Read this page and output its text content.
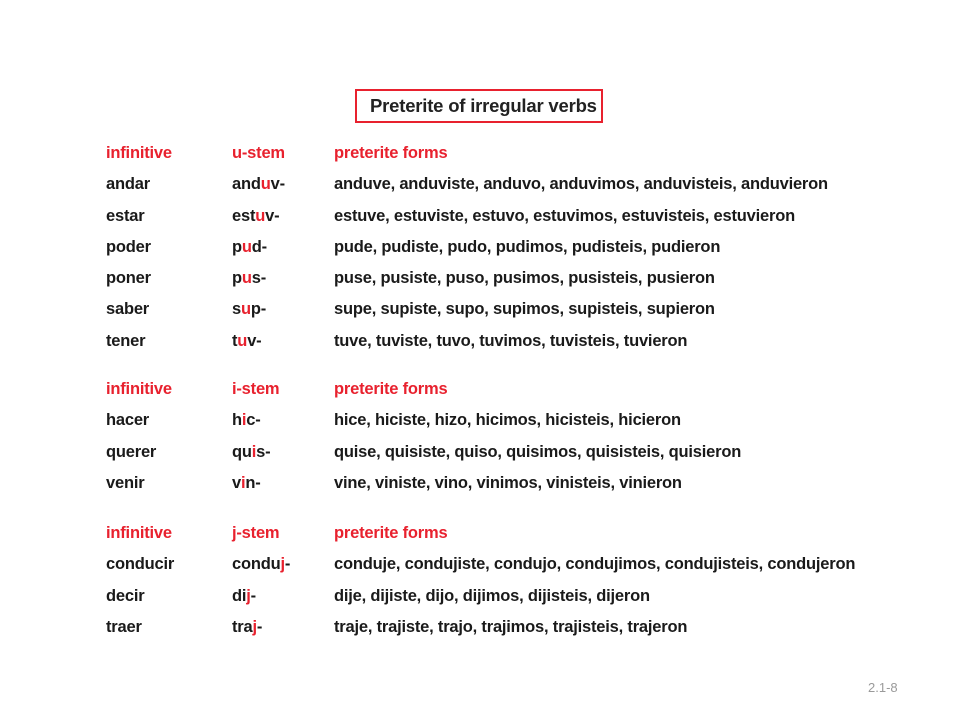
Preterite of irregular verbs
infinitive	u-stem	preterite forms
andar	anduv-	anduve, anduviste, anduvo, anduvimos, anduvisteis, anduvieron
estar	estuv-	estuve, estuviste, estuvo, estuvimos, estuvisteis, estuvieron
poder	pud-	pude, pudiste, pudo, pudimos, pudisteis, pudieron
poner	pus-	puse, pusiste, puso, pusimos, pusisteis, pusieron
saber	sup-	supe, supiste, supo, supimos, supisteis, supieron
tener	tuv-	tuve, tuviste, tuvo, tuvimos, tuvisteis, tuvieron
infinitive	i-stem	preterite forms
hacer	hic-	hice, hiciste, hizo, hicimos, hicisteis, hicieron
querer	quis-	quise, quisiste, quiso, quisimos, quisisteis, quisieron
venir	vin-	vine, viniste, vino, vinimos, vinisteis, vinieron
infinitive	j-stem	preterite forms
conducir	conduj-	conduje, condujiste, condujo, condujimos, condujisteis, condujeron
decir	dij-	dije, dijiste, dijo, dijimos, dijisteis, dijeron
traer	traj-	traje, trajiste, trajo, trajimos, trajisteis, trajeron
2.1-8
